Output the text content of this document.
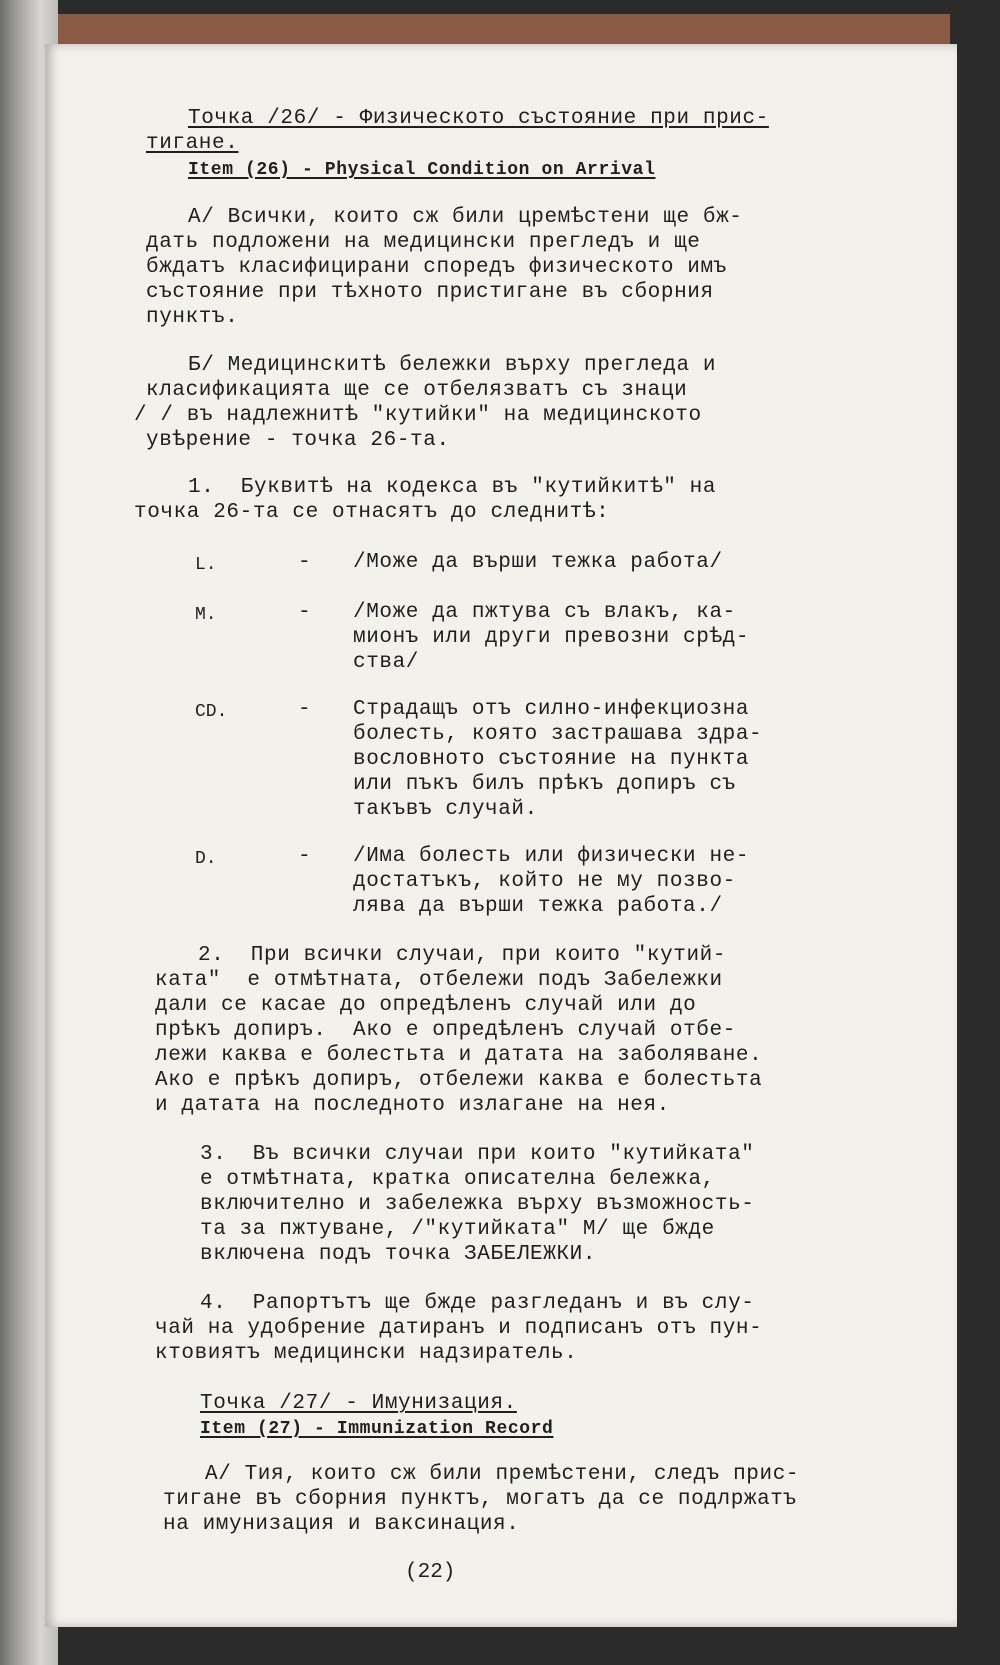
Точка /26/ - Физическото състояние при прис-
тигане.
Item (26) - Physical Condition on Arrival
А/ Всички, които сж били цремѣстени ще бж-
дать подложени на медицински прегледъ и ще
бждатъ класифицирани споредъ физическото имъ
състояние при тѣхното пристигане въ сборния
пунктъ.
Б/ Медицинскитѣ бележки върху прегледа и
класификацията ще се отбелязватъ съ знаци
/ / въ надлежнитѣ "кутийки" на медицинското
увѣрение - точка 26-та.
1.  Буквитѣ на кодекса въ "кутийкитѣ" на
точка 26-та се отнасятъ до следнитѣ:
L.	- /Може да върши тежка работа/
M.	- /Може да пжтува съ влакъ, ка-
мионъ или други превозни срѣд-
ства/
CD.	- Страдащъ отъ силно-инфекциозна
болесть, която застрашава здра-
вословното състояние на пункта
или пъкъ билъ прѣкъ допиръ съ
такъвъ случай.
D.	- /Има болесть или физически не-
достатъкъ, който не му позво-
лява да върши тежка работа./
2.  При всички случаи, при които "кутий-
ката"  е отмѣтната, отбележи подъ Забележки
дали се касае до опредѣленъ случай или до
прѣкъ допиръ.  Ако е опредѣленъ случай отбе-
лежи каква е болестьта и датата на заболяване.
Ако е прѣкъ допиръ, отбележи каква е болестьта
и датата на последното излагане на нея.
3.  Въ всички случаи при които "кутийката"
е отмѣтната, кратка описателна бележка,
включително и забележка върху възможность-
та за пжтуване, /"кутийката" М/ ще бжде
включена подъ точка ЗАБЕЛЕЖКИ.
4.  Рапортътъ ще бжде разгледанъ и въ слу-
чай на удобрение датиранъ и подписанъ отъ пун-
ктовиятъ медицински надзиратель.
Точка /27/ - Имунизация.
Item (27) - Immunization Record
А/ Тия, които сж били премѣстени, следъ прис-
тигане въ сборния пунктъ, могатъ да се подлржатъ
на имунизация и ваксинация.
(22)
